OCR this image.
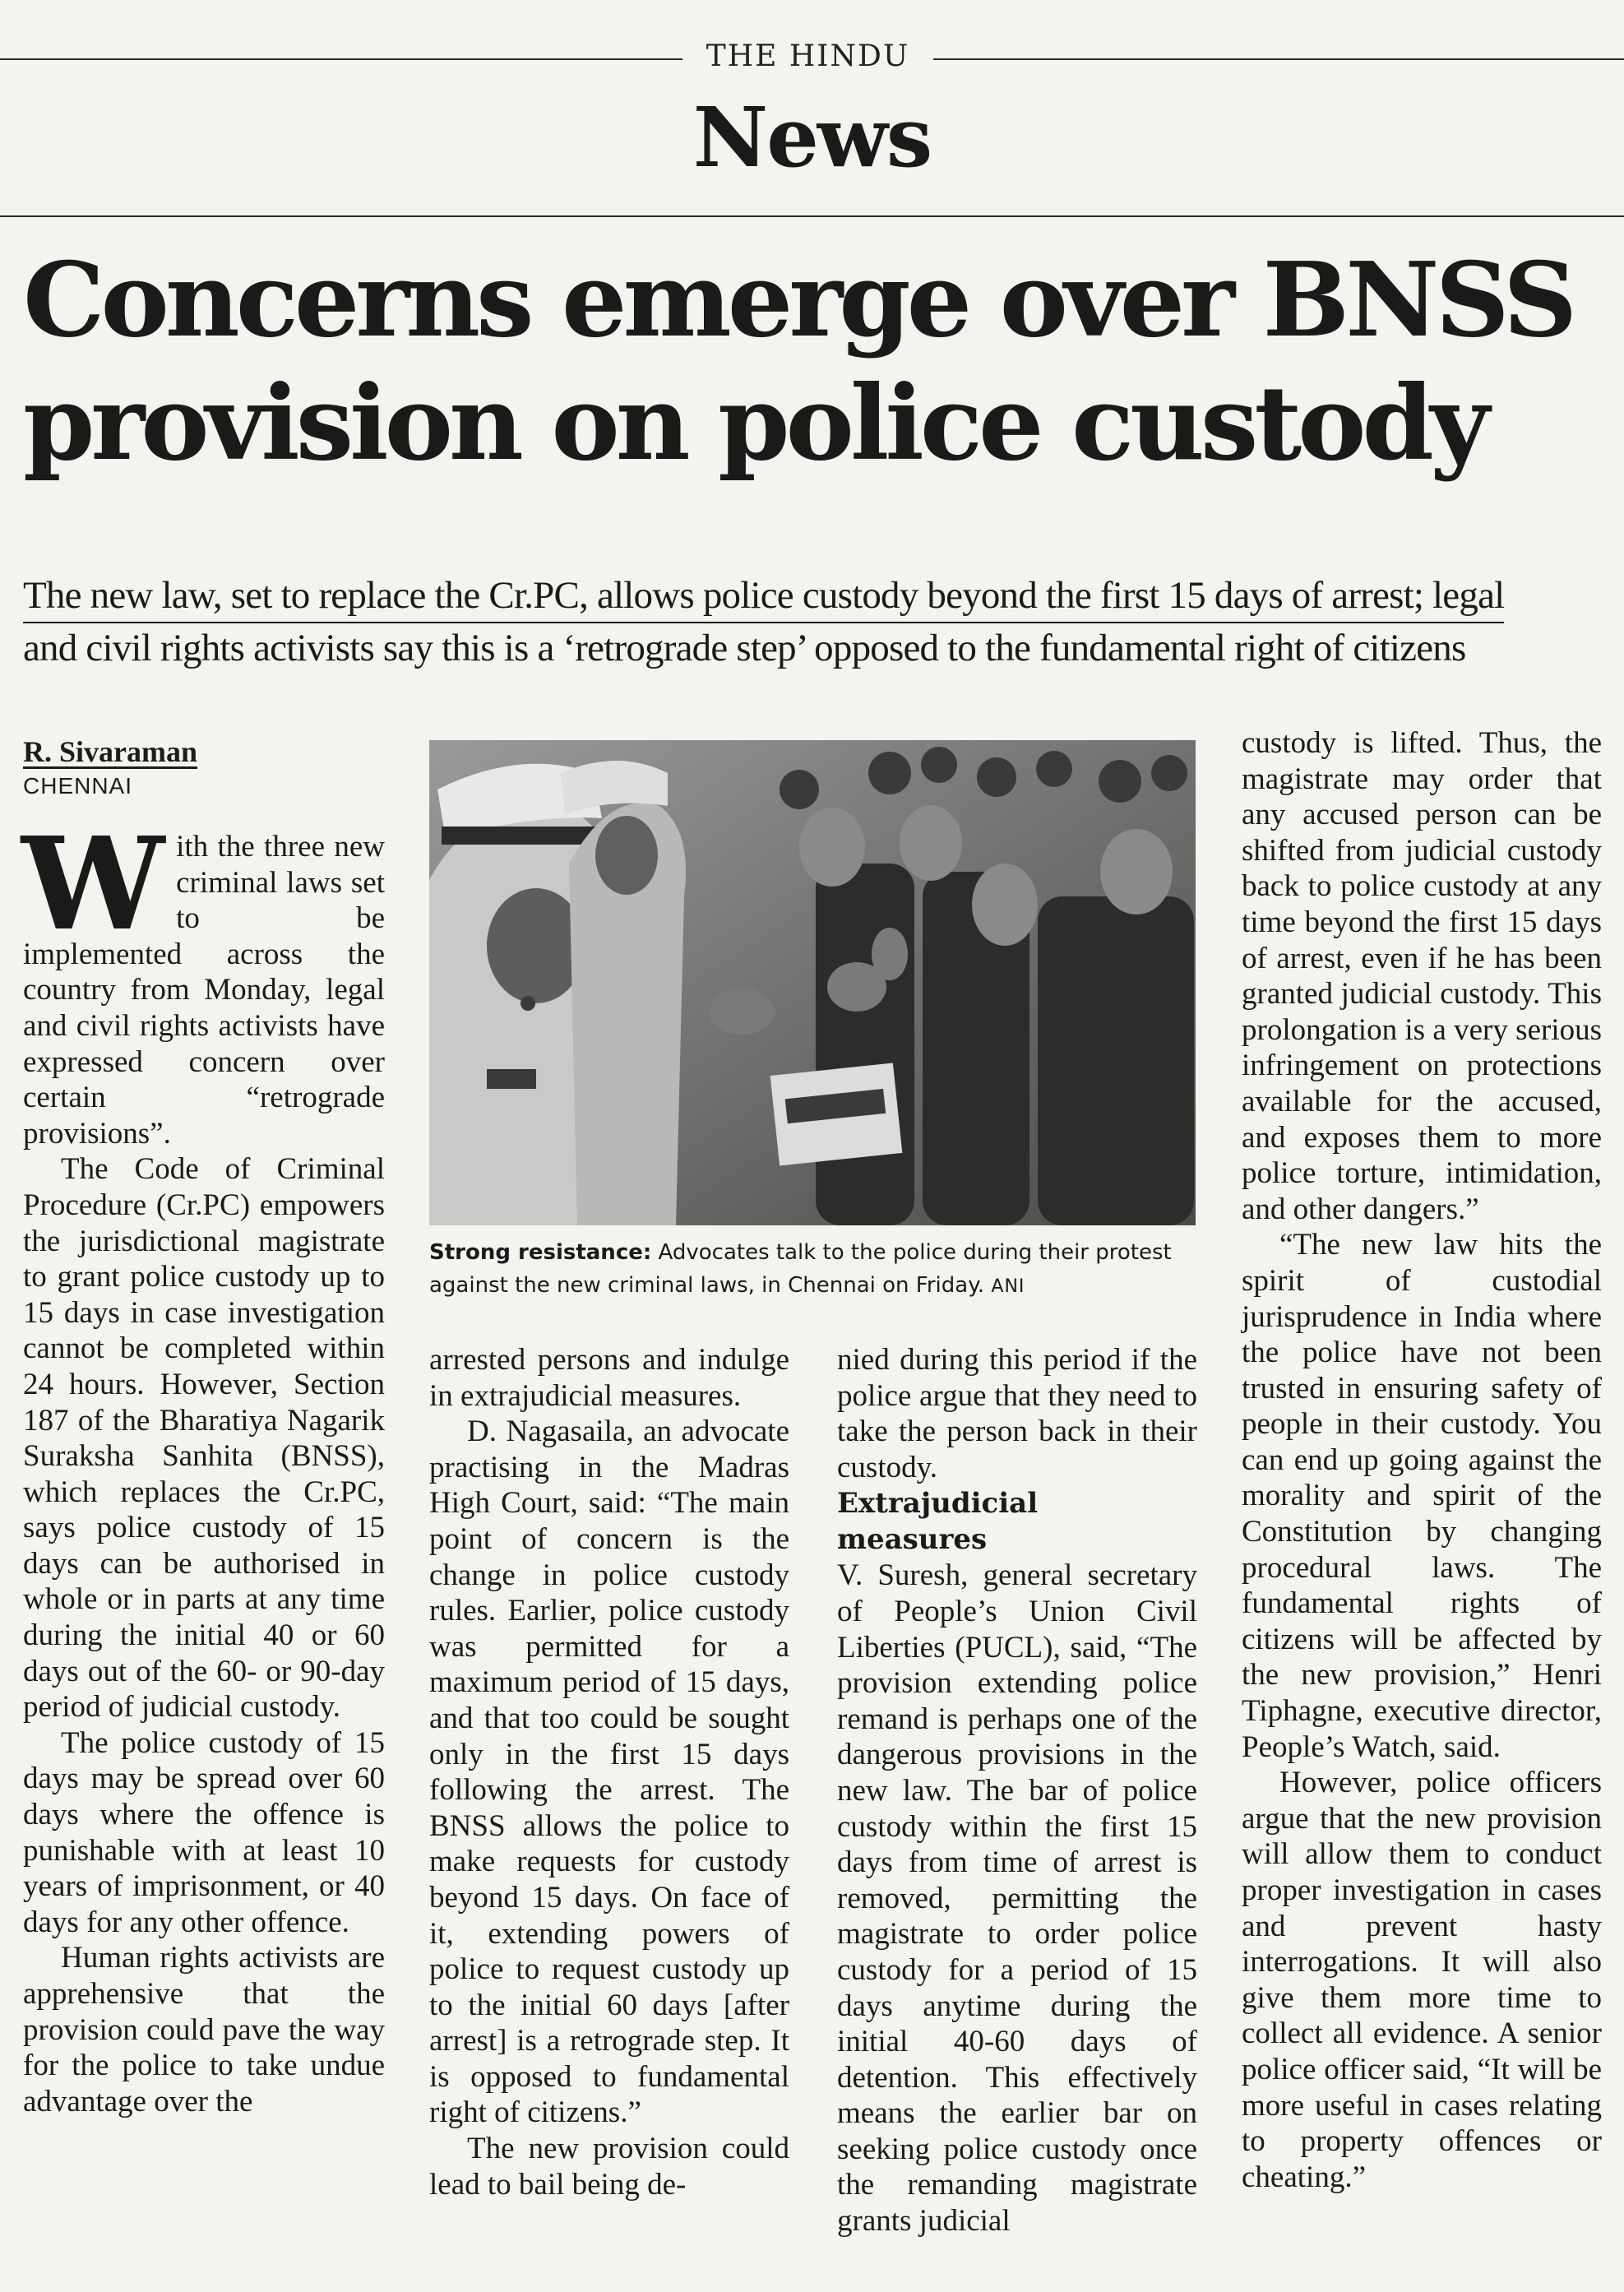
THE HINDU
News
Concerns emerge over BNSS
provision on police custody
The new law, set to replace the Cr.PC, allows police custody beyond the first 15 days of arrest; legal
and civil rights activists say this is a ‘retrograde step’ opposed to the fundamental right of citizens
R. Sivaraman
CHENNAI
W ith the three new criminal laws set to be implemented across the country from Monday, legal and civil rights activists have expressed concern over certain “retrograde provisions”.

The Code of Criminal Procedure (Cr.PC) empowers the jurisdictional magistrate to grant police custody up to 15 days in case investigation cannot be completed within 24 hours. However, Section 187 of the Bharatiya Nagarik Suraksha Sanhita (BNSS), which replaces the Cr.PC, says police custody of 15 days can be authorised in whole or in parts at any time during the initial 40 or 60 days out of the 60- or 90-day period of judicial custody.

The police custody of 15 days may be spread over 60 days where the offence is punishable with at least 10 years of imprisonment, or 40 days for any other offence.

Human rights activists are apprehensive that the provision could pave the way for the police to take undue advantage over the

Strong resistance: Advocates talk to the police during their protest against the new criminal laws, in Chennai on Friday. ANI

arrested persons and indulge in extrajudicial measures.

D. Nagasaila, an advocate practising in the Madras High Court, said: “The main point of concern is the change in police custody rules. Earlier, police custody was permitted for a maximum period of 15 days, and that too could be sought only in the first 15 days following the arrest. The BNSS allows the police to make requests for custody beyond 15 days. On face of it, extending powers of police to request custody up to the initial 60 days [after arrest] is a retrograde step. It is opposed to fundamental right of citizens.”

The new provision could lead to bail being de-

nied during this period if the police argue that they need to take the person back in their custody.

Extrajudicial measures

V. Suresh, general secretary of People’s Union Civil Liberties (PUCL), said, “The provision extending police remand is perhaps one of the dangerous provisions in the new law. The bar of police custody within the first 15 days from time of arrest is removed, permitting the magistrate to order police custody for a period of 15 days anytime during the initial 40-60 days of detention. This effectively means the earlier bar on seeking police custody once the remanding magistrate grants judicial

custody is lifted. Thus, the magistrate may order that any accused person can be shifted from judicial custody back to police custody at any time beyond the first 15 days of arrest, even if he has been granted judicial custody. This prolongation is a very serious infringement on protections available for the accused, and exposes them to more police torture, intimidation, and other dangers.”

“The new law hits the spirit of custodial jurisprudence in India where the police have not been trusted in ensuring safety of people in their custody. You can end up going against the morality and spirit of the Constitution by changing procedural laws. The fundamental rights of citizens will be affected by the new provision,” Henri Tiphagne, executive director, People’s Watch, said.

However, police officers argue that the new provision will allow them to conduct proper investigation in cases and prevent hasty interrogations. It will also give them more time to collect all evidence. A senior police officer said, “It will be more useful in cases relating to property offences or cheating.”
